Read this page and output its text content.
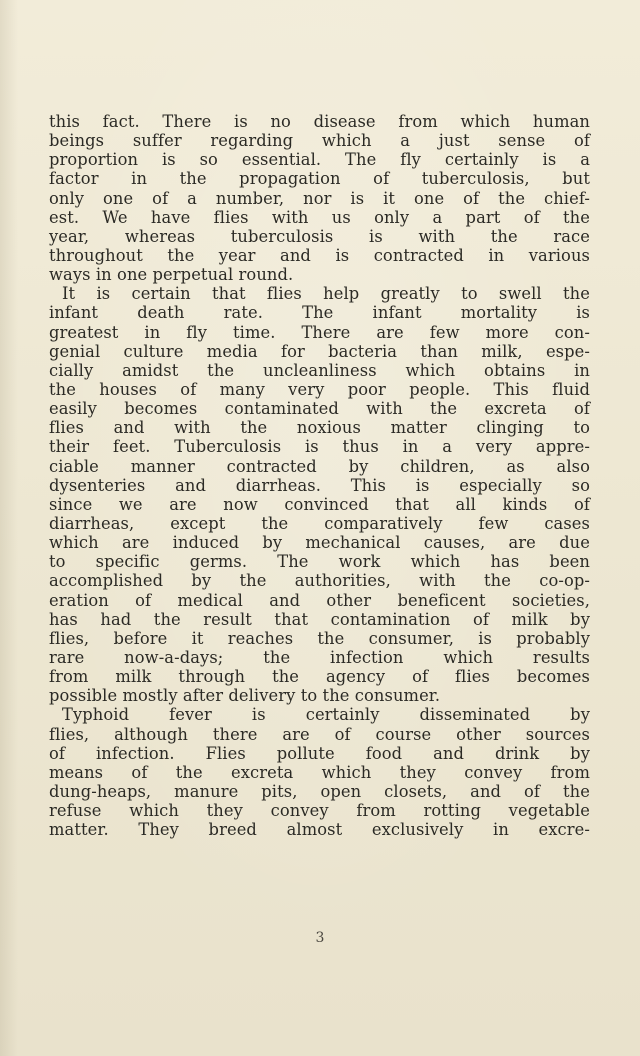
this fact. There is no disease from which human
beings suffer regarding which a just sense of
proportion is so essential. The fly certainly is a
factor in the propagation of tuberculosis, but
only one of a number, nor is it one of the chief-
est. We have flies with us only a part of the
year, whereas tuberculosis is with the race
throughout the year and is contracted in various
ways in one perpetual round.
It is certain that flies help greatly to swell the
infant death rate. The infant mortality is
greatest in fly time. There are few more con-
genial culture media for bacteria than milk, espe-
cially amidst the uncleanliness which obtains in
the houses of many very poor people. This fluid
easily becomes contaminated with the excreta of
flies and with the noxious matter clinging to
their feet. Tuberculosis is thus in a very appre-
ciable manner contracted by children, as also
dysenteries and diarrheas. This is especially so
since we are now convinced that all kinds of
diarrheas, except the comparatively few cases
which are induced by mechanical causes, are due
to specific germs. The work which has been
accomplished by the authorities, with the co-op-
eration of medical and other beneficent societies,
has had the result that contamination of milk by
flies, before it reaches the consumer, is probably
rare now-a-days; the infection which results
from milk through the agency of flies becomes
possible mostly after delivery to the consumer.
Typhoid fever is certainly disseminated by
flies, although there are of course other sources
of infection. Flies pollute food and drink by
means of the excreta which they convey from
dung-heaps, manure pits, open closets, and of the
refuse which they convey from rotting vegetable
matter. They breed almost exclusively in excre-
3
